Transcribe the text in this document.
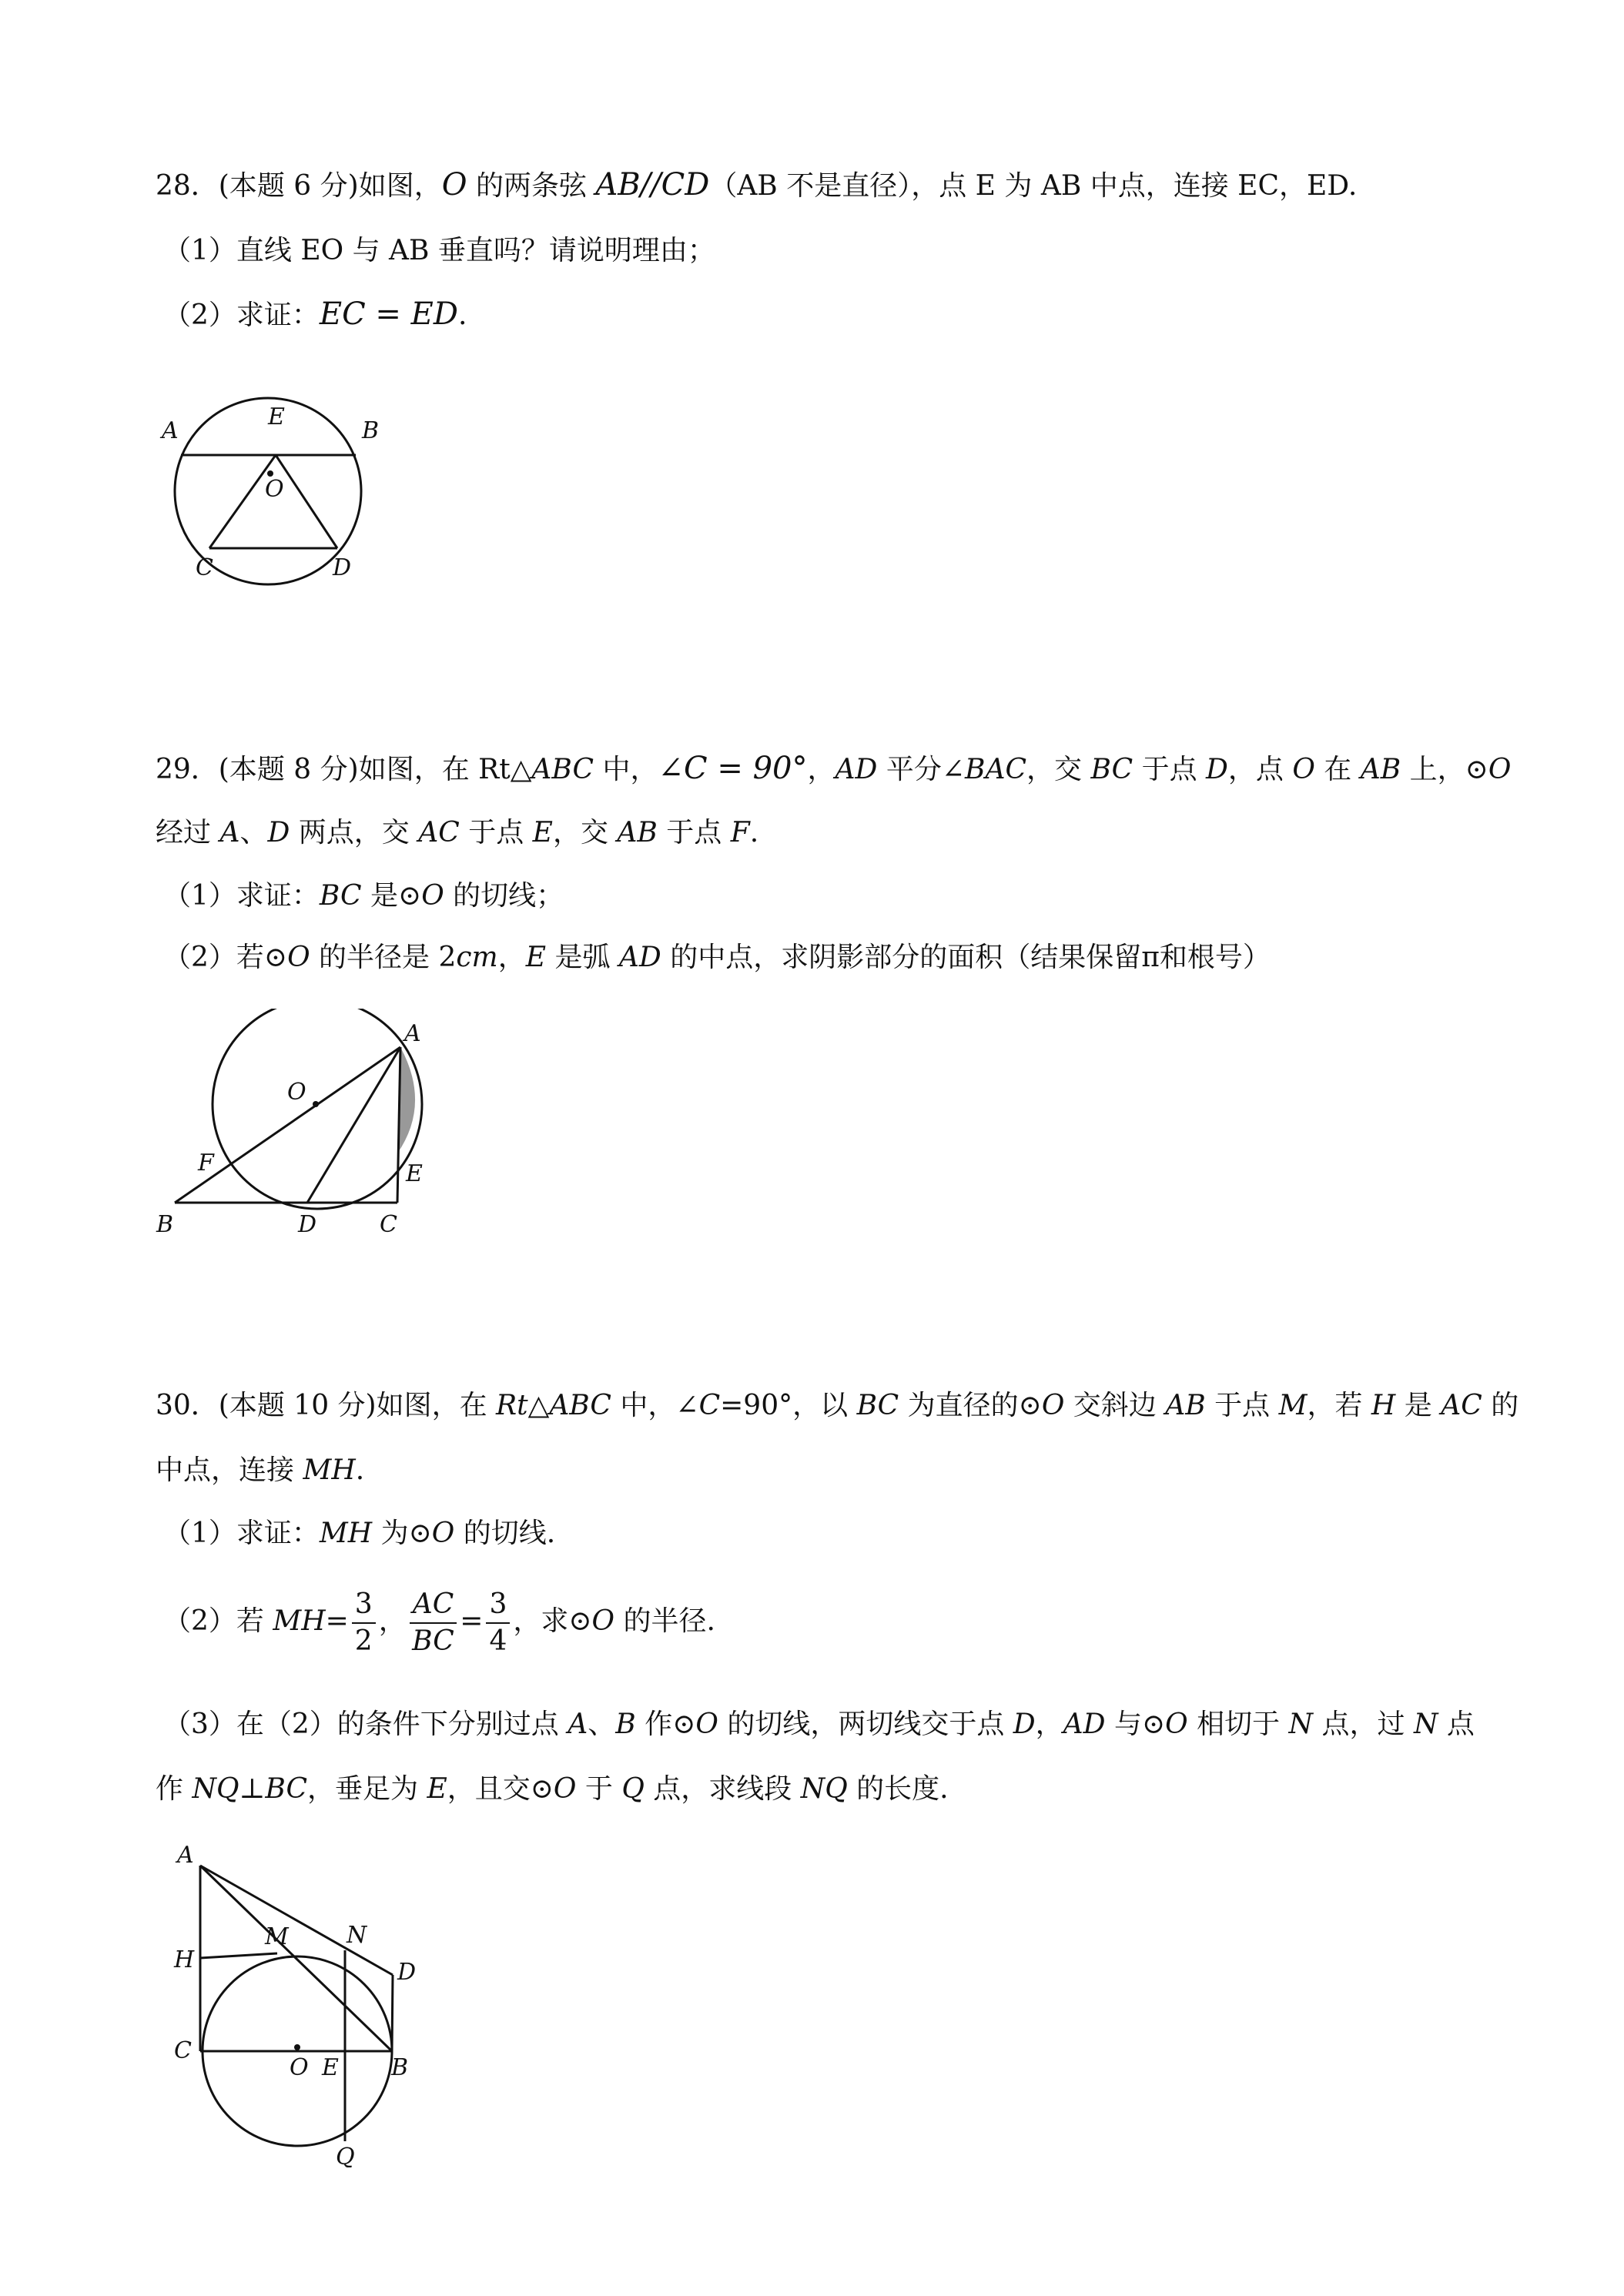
28．(本题 6 分)如图，O 的两条弦 AB//CD（AB 不是直径），点 E 为 AB 中点，连接 EC，ED.
（1）直线 EO 与 AB 垂直吗？请说明理由；
（2）求证：EC = ED.
A
E
B
O
C	D
29．(本题 8 分)如图，在 Rt△ABC 中，∠C = 90°，AD 平分∠BAC，交 BC 于点 D，点 O 在 AB 上，⊙O
经过 A、D 两点，交 AC 于点 E，交 AB 于点 F.
（1）求证：BC 是⊙O 的切线；
（2）若⊙O 的半径是 2cm，E 是弧 AD 的中点，求阴影部分的面积（结果保留π和根号）
A
O
F	E
B	D	C
30．(本题 10 分)如图，在 Rt△ABC 中，∠C=90°，以 BC 为直径的⊙O 交斜边 AB 于点 M，若 H 是 AC 的
中点，连接 MH.
（1）求证：MH 为⊙O 的切线.
（2）若 $MH= \frac{3}{2}$ ， $\frac{AC}{BC} = \frac{3}{4}$ ，求⊙O 的半径.
（3）在（2）的条件下分别过点 A、B 作⊙O 的切线，两切线交于点 D，AD 与⊙O 相切于 N 点，过 N 点
作 NQ⊥BC，垂足为 E，且交⊙O 于 Q 点，求线段 NQ 的长度.
A
H
M	N
D
C
O E B
Q
